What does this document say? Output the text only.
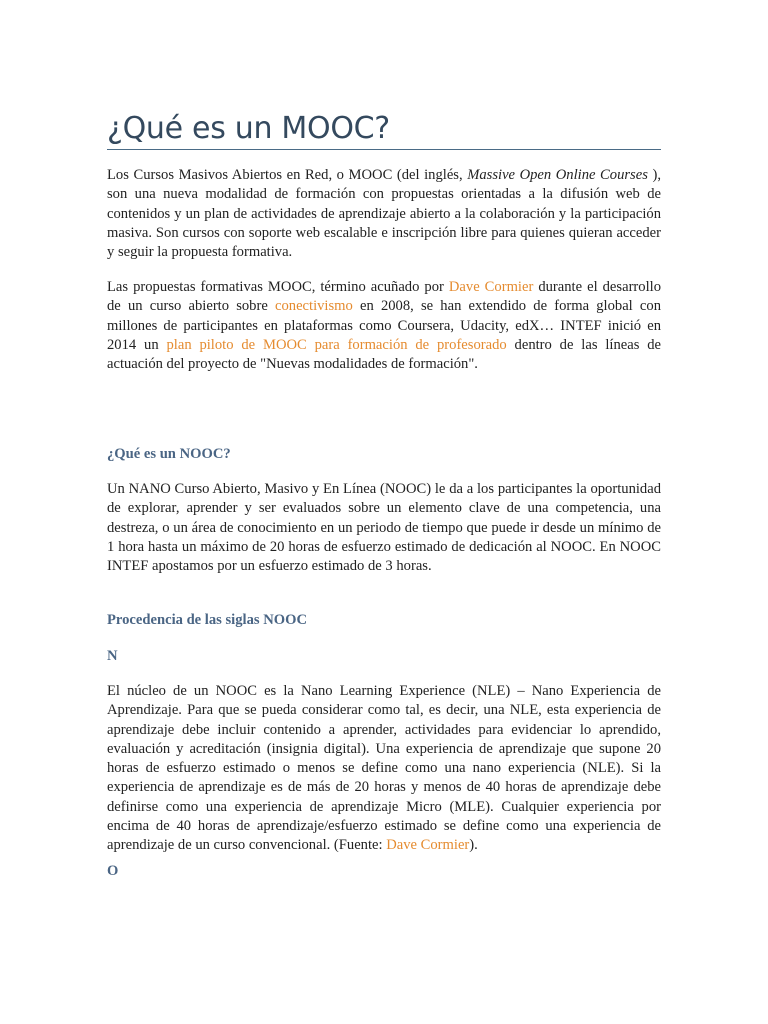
¿Qué es un MOOC?

Los Cursos Masivos Abiertos en Red, o MOOC (del inglés, Massive Open Online Courses ), son una nueva modalidad de formación con propuestas orientadas a la difusión web de contenidos y un plan de actividades de aprendizaje abierto a la colaboración y la participación masiva. Son cursos con soporte web escalable e inscripción libre para quienes quieran acceder y seguir la propuesta formativa.

Las propuestas formativas MOOC, término acuñado por Dave Cormier durante el desarrollo de un curso abierto sobre conectivismo en 2008, se han extendido de forma global con millones de participantes en plataformas como Coursera, Udacity, edX… INTEF inició en 2014 un plan piloto de MOOC para formación de profesorado dentro de las líneas de actuación del proyecto de "Nuevas modalidades de formación".

¿Qué es un NOOC?

Un NANO Curso Abierto, Masivo y En Línea (NOOC) le da a los participantes la oportunidad de explorar, aprender y ser evaluados sobre un elemento clave de una competencia, una destreza, o un área de conocimiento en un periodo de tiempo que puede ir desde un mínimo de 1 hora hasta un máximo de 20 horas de esfuerzo estimado de dedicación al NOOC. En NOOC INTEF apostamos por un esfuerzo estimado de 3 horas.

Procedencia de las siglas NOOC
N

El núcleo de un NOOC es la Nano Learning Experience (NLE) – Nano Experiencia de Aprendizaje. Para que se pueda considerar como tal, es decir, una NLE, esta experiencia de aprendizaje debe incluir contenido a aprender, actividades para evidenciar lo aprendido, evaluación y acreditación (insignia digital). Una experiencia de aprendizaje que supone 20 horas de esfuerzo estimado o menos se define como una nano experiencia (NLE). Si la experiencia de aprendizaje es de más de 20 horas y menos de 40 horas de aprendizaje debe definirse como una experiencia de aprendizaje Micro (MLE). Cualquier experiencia por encima de 40 horas de aprendizaje/esfuerzo estimado se define como una experiencia de aprendizaje de un curso convencional. (Fuente: Dave Cormier).

O
